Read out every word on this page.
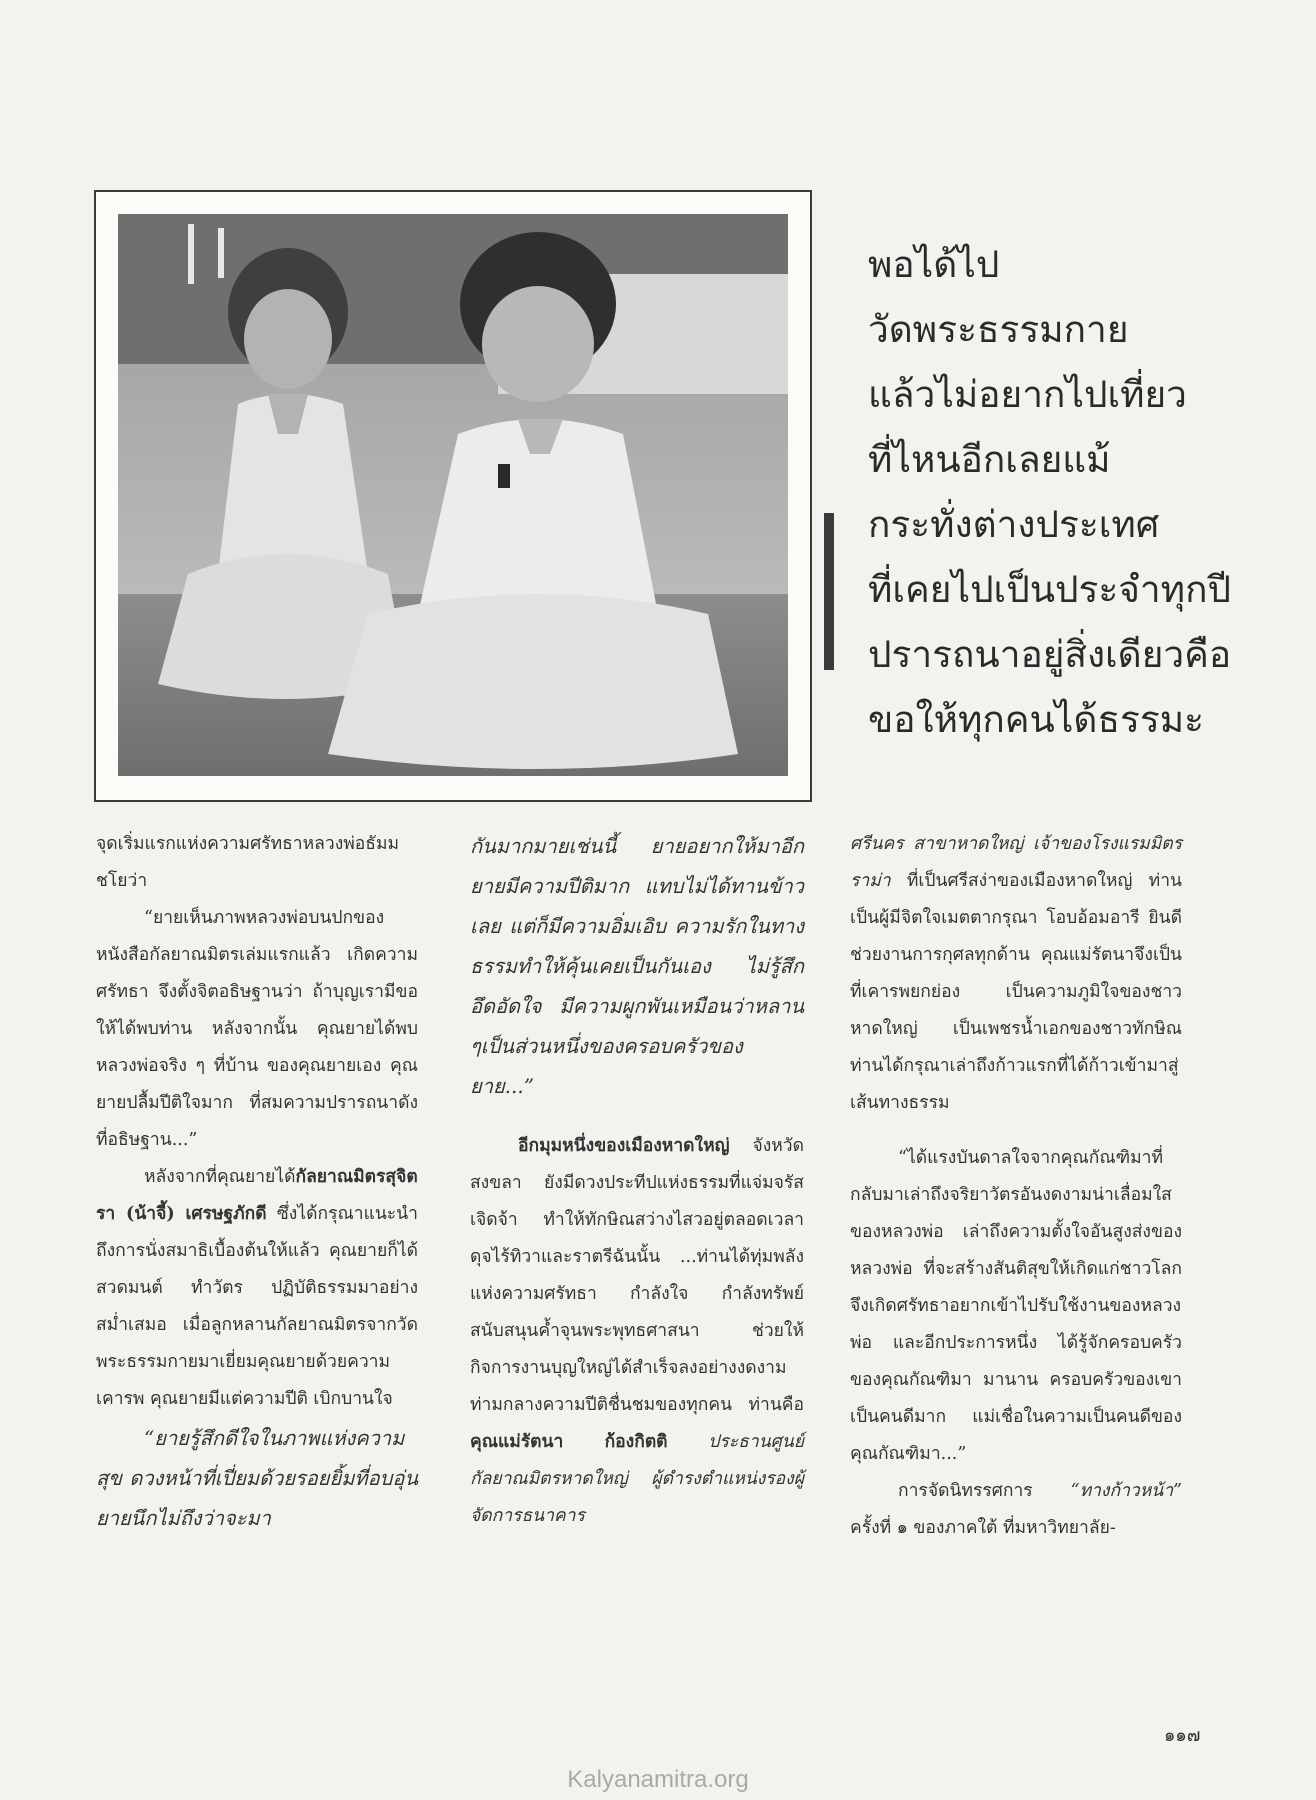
พอได้ไป
วัดพระธรรมกาย
แล้วไม่อยากไปเที่ยว
ที่ไหนอีกเลยแม้
กระทั่งต่างประเทศ
ที่เคยไปเป็นประจำทุกปี
ปรารถนาอยู่สิ่งเดียวคือ
ขอให้ทุกคนได้ธรรมะ

จุดเริ่มแรกแห่งความศรัทธาหลวงพ่อธัมมชโยว่า

“ยายเห็นภาพหลวงพ่อบนปกของหนังสือกัลยาณมิตรเล่มแรกแล้ว เกิดความศรัทธา จึงตั้งจิตอธิษฐานว่า ถ้าบุญเรามีขอให้ได้พบท่าน หลังจากนั้น คุณยายได้พบหลวงพ่อจริง ๆ ที่บ้าน ของคุณยายเอง คุณยายปลื้มปีติใจมาก ที่สมความปรารถนาดังที่อธิษฐาน...”

หลังจากที่คุณยายได้กัลยาณมิตรสุจิตรา (น้าจี้) เศรษฐภักดี ซึ่งได้กรุณาแนะนำถึงการนั่งสมาธิเบื้องต้นให้แล้ว คุณยายก็ได้สวดมนต์ ทำวัตร ปฏิบัติธรรมมาอย่างสม่ำเสมอ เมื่อลูกหลานกัลยาณมิตรจากวัดพระธรรมกายมาเยี่ยมคุณยายด้วยความเคารพ คุณยายมีแต่ความปีติ เบิกบานใจ

“ยายรู้สึกดีใจในภาพแห่งความสุข ดวงหน้าที่เปี่ยมด้วยรอยยิ้มที่อบอุ่น ยายนึกไม่ถึงว่าจะมา

กันมากมายเช่นนี้ ยายอยากให้มาอีก ยายมีความปีติมาก แทบไม่ได้ทานข้าวเลย แต่ก็มีความอิ่มเอิบ ความรักในทางธรรมทำให้คุ้นเคยเป็นกันเอง ไม่รู้สึกอึดอัดใจ มีความผูกพันเหมือนว่าหลาน ๆเป็นส่วนหนึ่งของครอบครัวของยาย...”

อีกมุมหนึ่งของเมืองหาดใหญ่ จังหวัดสงขลา ยังมีดวงประทีปแห่งธรรมที่แจ่มจรัสเจิดจ้า ทำให้ทักษิณสว่างไสวอยู่ตลอดเวลา ดุจไร้ทิวาและราตรีฉันนั้น ...ท่านได้ทุ่มพลังแห่งความศรัทธา กำลังใจ กำลังทรัพย์ สนับสนุนค้ำจุนพระพุทธศาสนา ช่วยให้กิจการงานบุญใหญ่ได้สำเร็จลงอย่างงดงาม ท่ามกลางความปีติชื่นชมของทุกคน ท่านคือ คุณแม่รัตนา ก้องกิตติ ประธานศูนย์กัลยาณมิตรหาดใหญ่ ผู้ดำรงตำแหน่งรองผู้จัดการธนาคาร

ศรีนคร สาขาหาดใหญ่ เจ้าของโรงแรมมิตรราม่า ที่เป็นศรีสง่าของเมืองหาดใหญ่ ท่านเป็นผู้มีจิตใจเมตตากรุณา โอบอ้อมอารี ยินดีช่วยงานการกุศลทุกด้าน คุณแม่รัตนาจึงเป็นที่เคารพยกย่อง เป็นความภูมิใจของชาวหาดใหญ่ เป็นเพชรน้ำเอกของชาวทักษิณ ท่านได้กรุณาเล่าถึงก้าวแรกที่ได้ก้าวเข้ามาสู่เส้นทางธรรม

“ได้แรงบันดาลใจจากคุณกัณฑิมาที่กลับมาเล่าถึงจริยาวัตรอันงดงามน่าเลื่อมใสของหลวงพ่อ เล่าถึงความตั้งใจอันสูงส่งของหลวงพ่อ ที่จะสร้างสันติสุขให้เกิดแก่ชาวโลก จึงเกิดศรัทธาอยากเข้าไปรับใช้งานของหลวงพ่อ และอีกประการหนึ่ง ได้รู้จักครอบครัวของคุณกัณฑิมา มานาน ครอบครัวของเขาเป็นคนดีมาก แม่เชื่อในความเป็นคนดีของคุณกัณฑิมา...”

การจัดนิทรรศการ “ทางก้าวหน้า” ครั้งที่ ๑ ของภาคใต้ ที่มหาวิทยาลัย-

๑๑๗
Kalyanamitra.org
